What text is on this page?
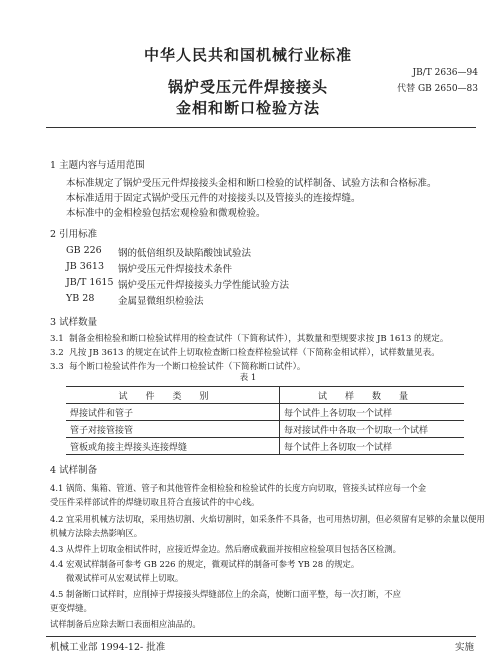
中华人民共和国机械行业标准
JB/T 2636—94
代替 GB 2650—83
锅炉受压元件焊接接头
金相和断口检验方法
1 主题内容与适用范围
本标准规定了锅炉受压元件焊接接头金相和断口检验的试样制备、试验方法和合格标准。
本标准适用于固定式锅炉受压元件的对接接头以及管接头的连接焊缝。
本标准中的金相检验包括宏观检验和微观检验。
2 引用标准
GB 226 钢的低倍组织及缺陷酸蚀试验法
JB 3613 锅炉受压元件焊接技术条件
JB/T 1615 锅炉受压元件焊接接头力学性能试验方法
YB 28 金属显微组织检验法
3 试样数量
3.1 制备金相检验和断口检验试样用的检查试件（下简称试件），其数量和型规要求按 JB 1613 的规定。
3.2 凡按 JB 3613 的规定在试件上切取检查断口检查样检验试样（下简称金相试样），试样数量见表。
3.3 每个断口检验试件作为一个断口检验试件（下简称断口试件）。
表 1
试件类别	试样数量
焊接试件和管子	每个试件上各切取一个试样
管子对接管接管	每对接试件中各取一个切取一个试样
管板或角接主焊接头连接焊缝	每个试件上各切取一个试样
4 试样制备
4.1 锅筒、集箱、管道、管子和其他管件金相检验和检验试件的长度方向切取，管接头试样应每一个金
受压件采样部试件的焊缝切取且符合直接试件的中心线。
4.2 宜采用机械方法切取，采用热切割、火焰切割时，如采条件不具备，也可用热切割，但必须留有足够的余量以便用
机械方法除去热影响区。
4.3 从焊件上切取金相试件时，应接近焊金边。然后磨成截面并按相应检验项目包括各区检测。
4.4 宏观试样制备可参考 GB 226 的规定，微观试样的制备可参考 YB 28 的规定。
微观试样可从宏观试样上切取。
4.5 制备断口试样时，应削掉于焊接接头焊缝部位上的余高，使断口面平整，每一次打断，不应
更变焊缝。
试样制备后应除去断口表面相应油品的。
机械工业部 1994-12- 批准	实施
